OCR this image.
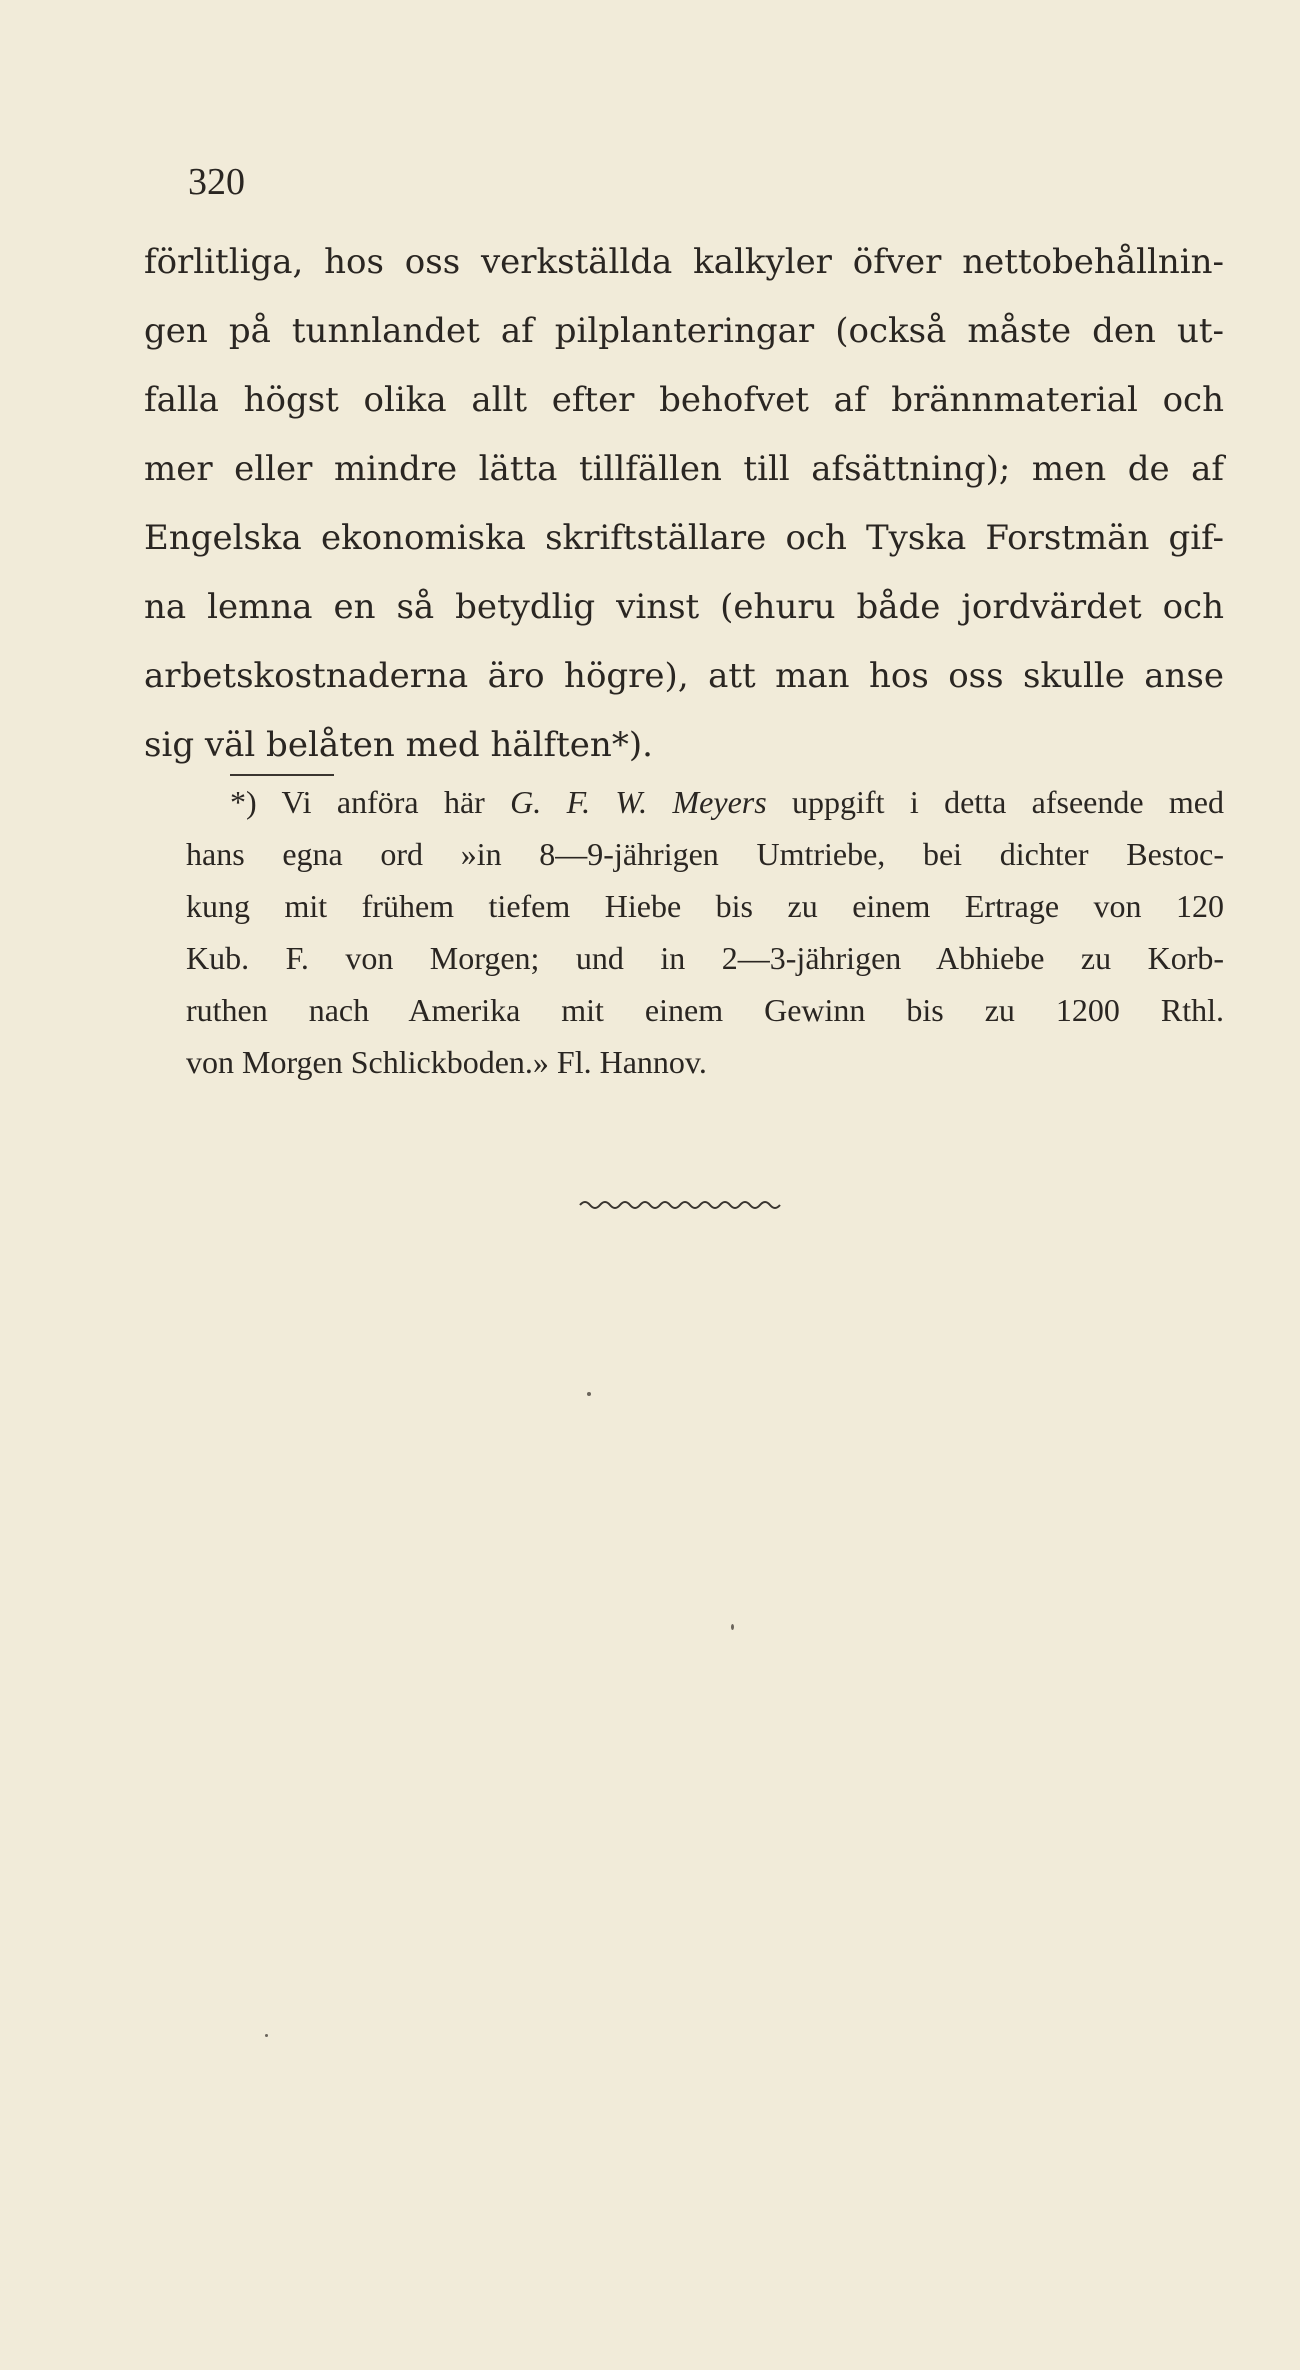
320
förlitliga, hos oss verkställda kalkyler öfver nettobehållnin-
gen på tunnlandet af pilplanteringar (också måste den ut-
falla högst olika allt efter behofvet af brännmaterial och
mer eller mindre lätta tillfällen till afsättning); men de af
Engelska ekonomiska skriftställare och Tyska Forstmän gif-
na lemna en så betydlig vinst (ehuru både jordvärdet och
arbetskostnaderna äro högre), att man hos oss skulle anse
sig väl belåten med hälften*).
*) Vi anföra här G. F. W. Meyers uppgift i detta afseende med
hans egna ord »in 8—9-jährigen Umtriebe, bei dichter Bestoc-
kung mit frühem tiefem Hiebe bis zu einem Ertrage von 120
Kub. F. von Morgen; und in 2—3-jährigen Abhiebe zu Korb-
ruthen nach Amerika mit einem Gewinn bis zu 1200 Rthl.
von Morgen Schlickboden.» Fl. Hannov.
